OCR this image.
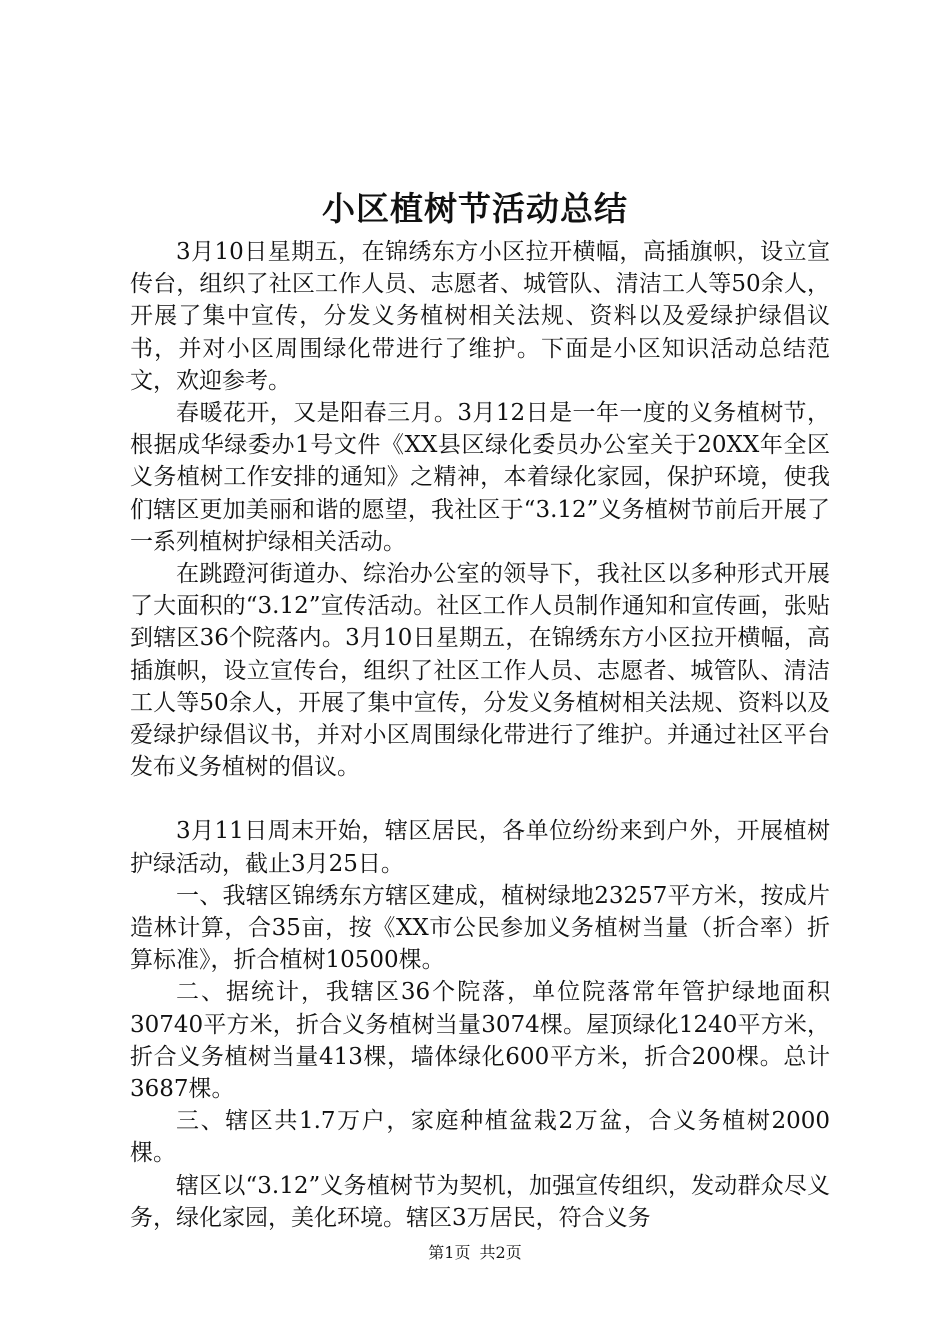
小区植树节活动总结

3月10日星期五，在锦绣东方小区拉开横幅，高插旗帜，设立宣传台，组织了社区工作人员、志愿者、城管队、清洁工人等50余人，开展了集中宣传，分发义务植树相关法规、资料以及爱绿护绿倡议书，并对小区周围绿化带进行了维护。下面是小区知识活动总结范文，欢迎参考。

春暖花开，又是阳春三月。3月12日是一年一度的义务植树节，根据成华绿委办1号文件《XX县区绿化委员办公室关于20XX年全区义务植树工作安排的通知》之精神，本着绿化家园，保护环境，使我们辖区更加美丽和谐的愿望，我社区于“3.12”义务植树节前后开展了一系列植树护绿相关活动。

在跳蹬河街道办、综治办公室的领导下，我社区以多种形式开展了大面积的“3.12”宣传活动。社区工作人员制作通知和宣传画，张贴到辖区36个院落内。3月10日星期五，在锦绣东方小区拉开横幅，高插旗帜，设立宣传台，组织了社区工作人员、志愿者、城管队、清洁工人等50余人，开展了集中宣传，分发义务植树相关法规、资料以及爱绿护绿倡议书，并对小区周围绿化带进行了维护。并通过社区平台发布义务植树的倡议。

3月11日周末开始，辖区居民，各单位纷纷来到户外，开展植树护绿活动，截止3月25日。

一、我辖区锦绣东方辖区建成，植树绿地23257平方米，按成片造林计算，合35亩，按《XX市公民参加义务植树当量（折合率）折算标准》，折合植树10500棵。

二、据统计，我辖区36个院落，单位院落常年管护绿地面积30740平方米，折合义务植树当量3074棵。屋顶绿化1240平方米，折合义务植树当量413棵，墙体绿化600平方米，折合200棵。总计3687棵。

三、辖区共1.7万户，家庭种植盆栽2万盆，合义务植树2000棵。

辖区以“3.12”义务植树节为契机，加强宣传组织，发动群众尽义务，绿化家园，美化环境。辖区3万居民，符合义务

第1页 共2页
